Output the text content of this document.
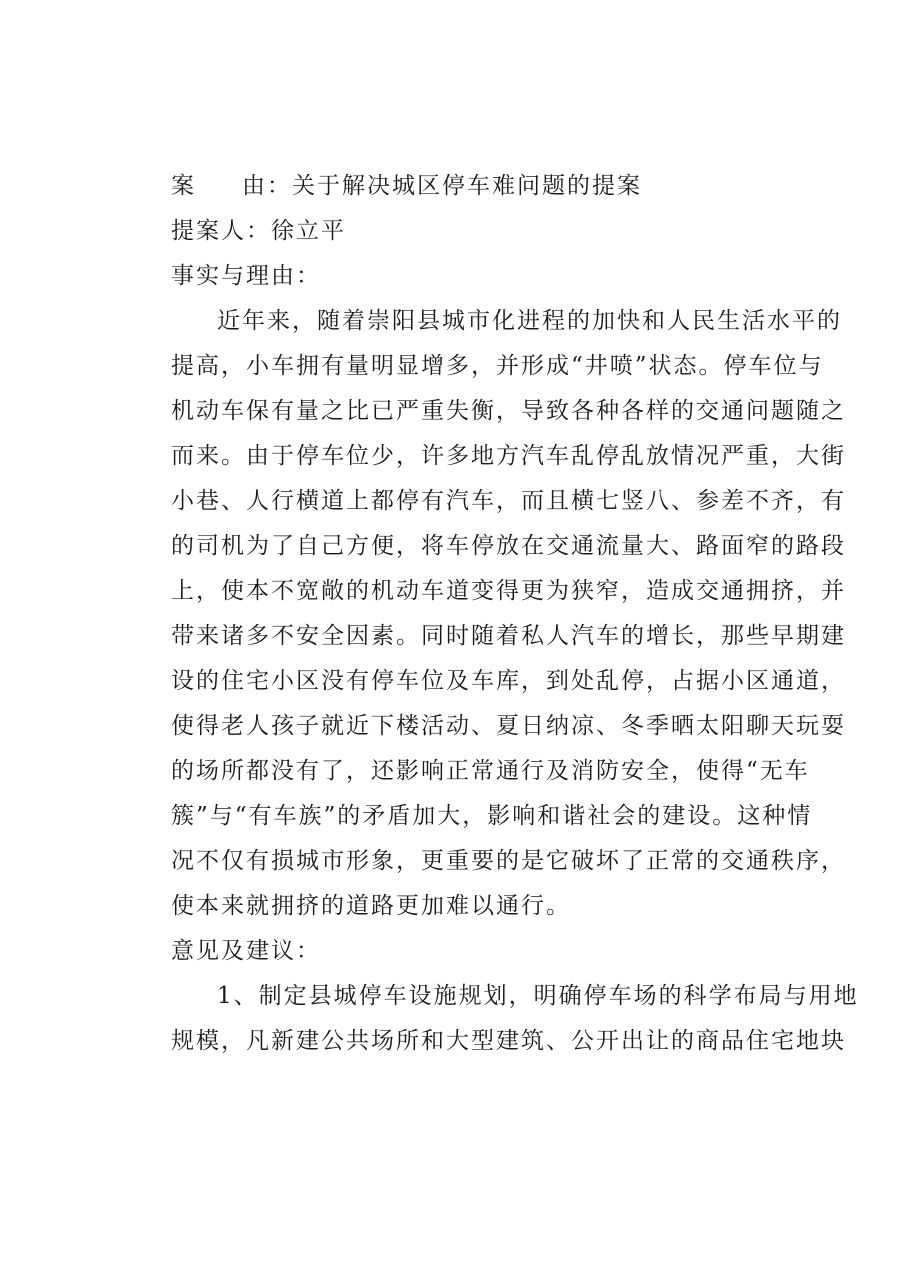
案 由：关于解决城区停车难问题的提案

提案人：徐立平

事实与理由：

近年来，随着崇阳县城市化进程的加快和人民生活水平的
提高，小车拥有量明显增多，并形成“井喷”状态。停车位与
机动车保有量之比已严重失衡，导致各种各样的交通问题随之
而来。由于停车位少，许多地方汽车乱停乱放情况严重，大街
小巷、人行横道上都停有汽车，而且横七竖八、参差不齐，有
的司机为了自己方便，将车停放在交通流量大、路面窄的路段
上，使本不宽敞的机动车道变得更为狭窄，造成交通拥挤，并
带来诸多不安全因素。同时随着私人汽车的增长，那些早期建
设的住宅小区没有停车位及车库，到处乱停，占据小区通道，
使得老人孩子就近下楼活动、夏日纳凉、冬季晒太阳聊天玩耍
的场所都没有了，还影响正常通行及消防安全，使得“无车
簇”与“有车族”的矛盾加大，影响和谐社会的建设。这种情
况不仅有损城市形象，更重要的是它破坏了正常的交通秩序，
使本来就拥挤的道路更加难以通行。

意见及建议：

1、制定县城停车设施规划，明确停车场的科学布局与用地
规模，凡新建公共场所和大型建筑、公开出让的商品住宅地块
